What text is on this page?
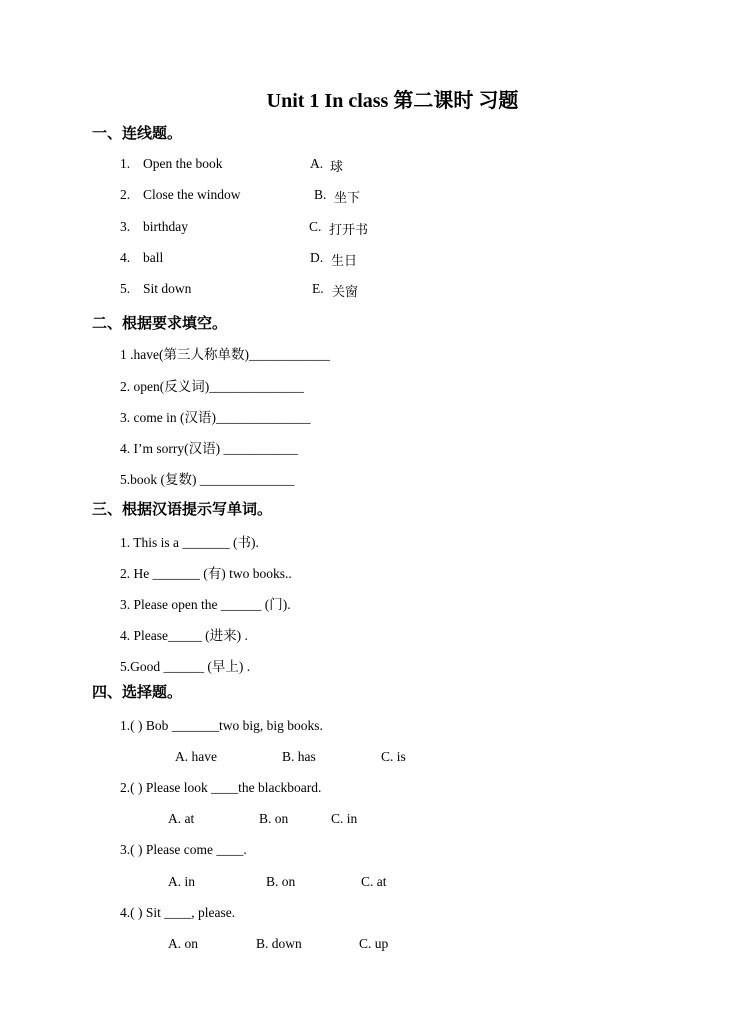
Unit 1 In class 第二课时 习题
一、连线题。
1. Open the book	A. 球
2. Close the window	B. 坐下
3. birthday	C. 打开书
4. ball	D. 生日
5. Sit down	E. 关窗
二、根据要求填空。
1 .have(第三人称单数)____________
2. open(反义词)______________
3. come in (汉语)______________
4. I’m sorry(汉语) ___________
5.book (复数) ______________
三、根据汉语提示写单词。
1. This is a _______ (书).
2. He _______ (有) two books..
3. Please open the ______ (门).
4. Please_____ (进来) .
5.Good ______ (早上) .
四、选择题。
1.( ) Bob _______two big, big books.
A. have	B. has	C. is
2.( ) Please look ____the blackboard.
A. at	B. on	C. in
3.( ) Please come ____.
A. in	B. on	C. at
4.( ) Sit ____, please.
A. on	B. down	C. up
